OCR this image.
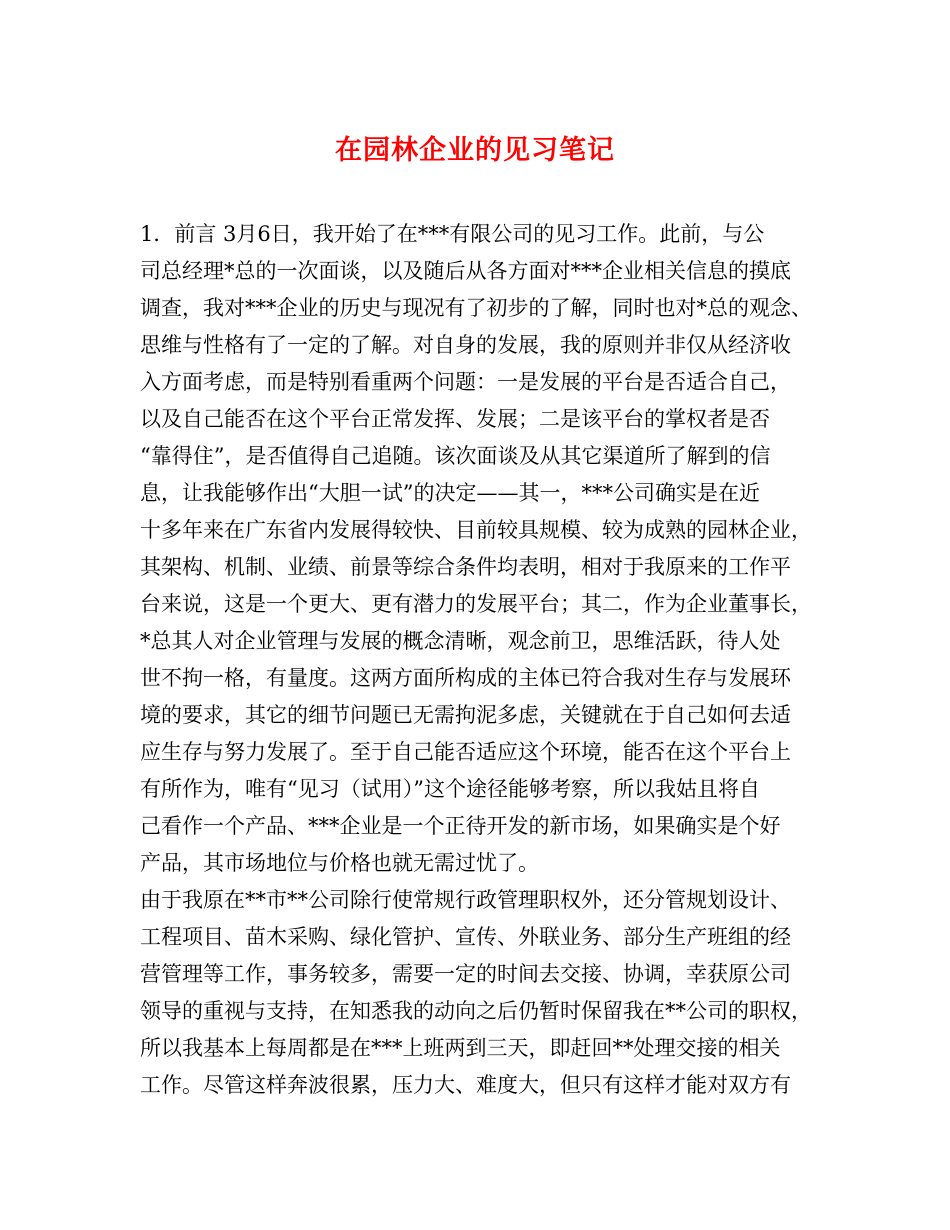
在园林企业的见习笔记
1．前言 3月6日，我开始了在***有限公司的见习工作。此前，与公
司总经理*总的一次面谈，以及随后从各方面对***企业相关信息的摸底
调查，我对***企业的历史与现况有了初步的了解，同时也对*总的观念、
思维与性格有了一定的了解。对自身的发展，我的原则并非仅从经济收
入方面考虑，而是特别看重两个问题：一是发展的平台是否适合自己，
以及自己能否在这个平台正常发挥、发展；二是该平台的掌权者是否
“靠得住”，是否值得自己追随。该次面谈及从其它渠道所了解到的信
息，让我能够作出“大胆一试”的决定——其一，***公司确实是在近
十多年来在广东省内发展得较快、目前较具规模、较为成熟的园林企业，
其架构、机制、业绩、前景等综合条件均表明，相对于我原来的工作平
台来说，这是一个更大、更有潜力的发展平台；其二，作为企业董事长，
*总其人对企业管理与发展的概念清晰，观念前卫，思维活跃，待人处
世不拘一格，有量度。这两方面所构成的主体已符合我对生存与发展环
境的要求，其它的细节问题已无需拘泥多虑，关键就在于自己如何去适
应生存与努力发展了。至于自己能否适应这个环境，能否在这个平台上
有所作为，唯有“见习（试用）”这个途径能够考察，所以我姑且将自
己看作一个产品、***企业是一个正待开发的新市场，如果确实是个好
产品，其市场地位与价格也就无需过忧了。
由于我原在**市**公司除行使常规行政管理职权外，还分管规划设计、
工程项目、苗木采购、绿化管护、宣传、外联业务、部分生产班组的经
营管理等工作，事务较多，需要一定的时间去交接、协调，幸获原公司
领导的重视与支持，在知悉我的动向之后仍暂时保留我在**公司的职权，
所以我基本上每周都是在***上班两到三天，即赶回**处理交接的相关
工作。尽管这样奔波很累，压力大、难度大，但只有这样才能对双方有
